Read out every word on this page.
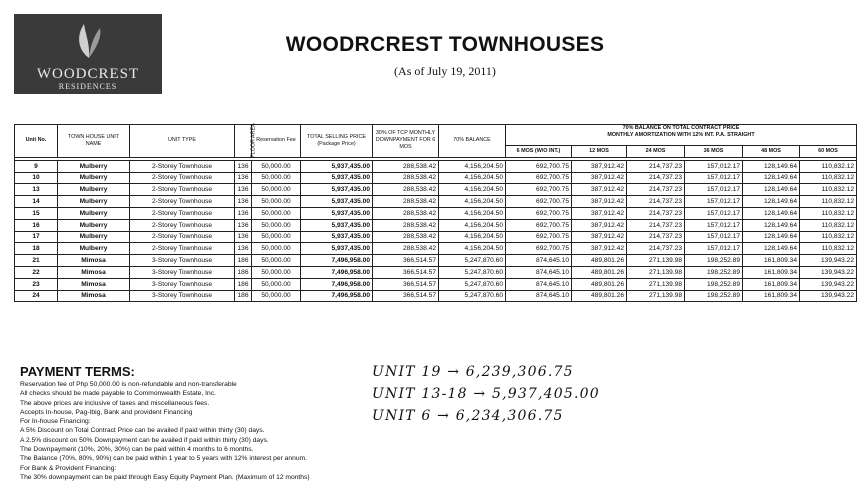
WOODCREST
RESIDENCES
WOODRCREST TOWNHOUSES
(As of July 19, 2011)
Unit No.	TOWN HOUSE UNIT NAME	UNIT TYPE	FLOOR AREA	Reservation Fee	TOTAL SELLING PRICE (Package Price)	30% OF TCP MONTHLY DOWNPAYMENT FOR 6 MOS	70% BALANCE	70% BALANCE ON TOTAL CONTRACT PRICE
MONTHLY AMORTIZATION WITH 12% INT. P.A. STRAIGHT					

								6 MOS (W/O INT.)	12 MOS	24 MOS	36 MOS	48 MOS	60 MOS

9	Mulberry	2-Storey Townhouse	136	50,000.00	5,937,435.00	288,538.42	4,156,204.50	692,700.75	387,912.42	214,737.23	157,012.17	128,149.64	110,832.12
10	Mulberry	2-Storey Townhouse	136	50,000.00	5,937,435.00	288,538.42	4,156,204.50	692,700.75	387,912.42	214,737.23	157,012.17	128,149.64	110,832.12
13	Mulberry	2-Storey Townhouse	136	50,000.00	5,937,435.00	288,538.42	4,156,204.50	692,700.75	387,912.42	214,737.23	157,012.17	128,149.64	110,832.12
14	Mulberry	2-Storey Townhouse	136	50,000.00	5,937,435.00	288,538.42	4,156,204.50	692,700.75	387,912.42	214,737.23	157,012.17	128,149.64	110,832.12
15	Mulberry	2-Storey Townhouse	136	50,000.00	5,937,435.00	288,538.42	4,156,204.50	692,700.75	387,912.42	214,737.23	157,012.17	128,149.64	110,832.12
16	Mulberry	2-Storey Townhouse	136	50,000.00	5,937,435.00	288,538.42	4,156,204.50	692,700.75	387,912.42	214,737.23	157,012.17	128,149.64	110,832.12
17	Mulberry	2-Storey Townhouse	136	50,000.00	5,937,435.00	288,538.42	4,156,204.50	692,700.75	387,912.42	214,737.23	157,012.17	128,149.64	110,832.12
18	Mulberry	2-Storey Townhouse	136	50,000.00	5,937,435.00	288,538.42	4,156,204.50	692,700.75	387,912.42	214,737.23	157,012.17	128,149.64	110,832.12
21	Mimosa	3-Storey Townhouse	186	50,000.00	7,496,958.00	366,514.57	5,247,870.60	874,645.10	489,801.26	271,139.98	198,252.89	161,809.34	139,943.22
22	Mimosa	3-Storey Townhouse	186	50,000.00	7,496,958.00	366,514.57	5,247,870.60	874,645.10	489,801.26	271,139.98	198,252.89	161,809.34	139,943.22
23	Mimosa	3-Storey Townhouse	186	50,000.00	7,496,958.00	366,514.57	5,247,870.60	874,645.10	489,801.26	271,139.98	198,252.89	161,809.34	139,943.22
24	Mimosa	3-Storey Townhouse	186	50,000.00	7,496,958.00	366,514.57	5,247,870.60	874,645.10	489,801.26	271,139.98	198,252.89	161,809.34	139,943.22
PAYMENT TERMS:
Reservation fee of Php 50,000.00 is non-refundable and non-transferable
All checks should be made payable to Commonwealth Estate, Inc.
The above prices are inclusive of taxes and miscellaneous fees.
Accepts In-house, Pag-Ibig, Bank and provident Financing
For In-house Financing:
A 5% Discount on Total Contract Price can be availed if paid within thirty (30) days.
A 2.5% discount on 50% Downpayment can be availed if paid within thirty (30) days.
The Downpayment (10%, 20%, 30%) can be paid within 4 months to 6 months.
The Balance (70%, 80%, 90%) can be paid within 1 year to 5 years with 12% interest per annum.
For Bank & Provident Financing:
The 30% downpayment can be paid through Easy Equity Payment Plan. (Maximum of 12 months)
UNIT 19 → 6,239,306.75
UNIT 13-18 → 5,937,405.00
UNIT 6 → 6,234,306.75
